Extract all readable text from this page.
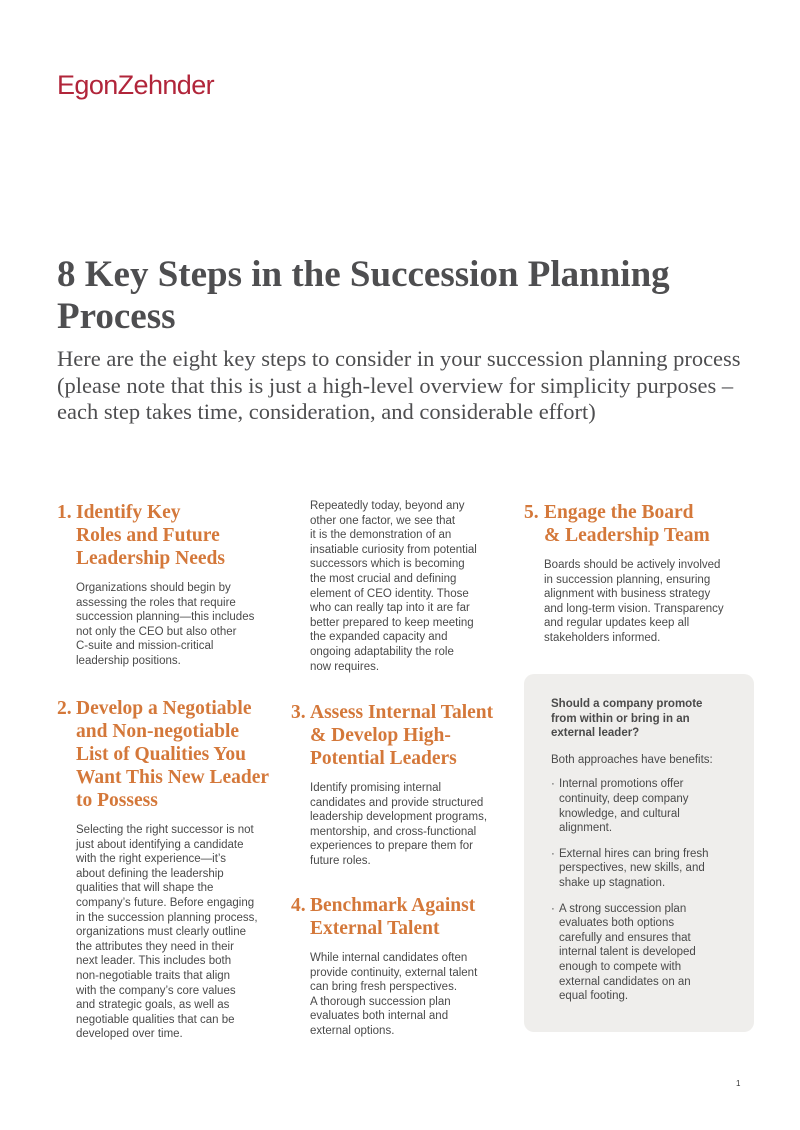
EgonZehnder
8 Key Steps in the Succession Planning Process

Here are the eight key steps to consider in your succession planning process (please note that this is just a high-level overview for simplicity purposes – each step takes time, consideration, and considerable effort)

1. Identify Key
Roles and Future
Leadership Needs
Organizations should begin by
assessing the roles that require
succession planning—this includes
not only the CEO but also other
C-suite and mission-critical
leadership positions.
2. Develop a Negotiable
and Non-negotiable
List of Qualities You
Want This New Leader
to Possess
Selecting the right successor is not
just about identifying a candidate
with the right experience—it’s
about defining the leadership
qualities that will shape the
company’s future. Before engaging
in the succession planning process,
organizations must clearly outline
the attributes they need in their
next leader. This includes both
non-negotiable traits that align
with the company’s core values
and strategic goals, as well as
negotiable qualities that can be
developed over time.
Repeatedly today, beyond any
other one factor, we see that
it is the demonstration of an
insatiable curiosity from potential
successors which is becoming
the most crucial and defining
element of CEO identity. Those
who can really tap into it are far
better prepared to keep meeting
the expanded capacity and
ongoing adaptability the role
now requires.
3. Assess Internal Talent
& Develop High-
Potential Leaders
Identify promising internal
candidates and provide structured
leadership development programs,
mentorship, and cross-functional
experiences to prepare them for
future roles.
4. Benchmark Against
External Talent
While internal candidates often
provide continuity, external talent
can bring fresh perspectives.
A thorough succession plan
evaluates both internal and
external options.
5. Engage the Board
& Leadership Team
Boards should be actively involved
in succession planning, ensuring
alignment with business strategy
and long-term vision. Transparency
and regular updates keep all
stakeholders informed.
Should a company promote
from within or bring in an
external leader?
Both approaches have benefits:
· Internal promotions offer
continuity, deep company
knowledge, and cultural
alignment.
· External hires can bring fresh
perspectives, new skills, and
shake up stagnation.
· A strong succession plan
evaluates both options
carefully and ensures that
internal talent is developed
enough to compete with
external candidates on an
equal footing.
1
